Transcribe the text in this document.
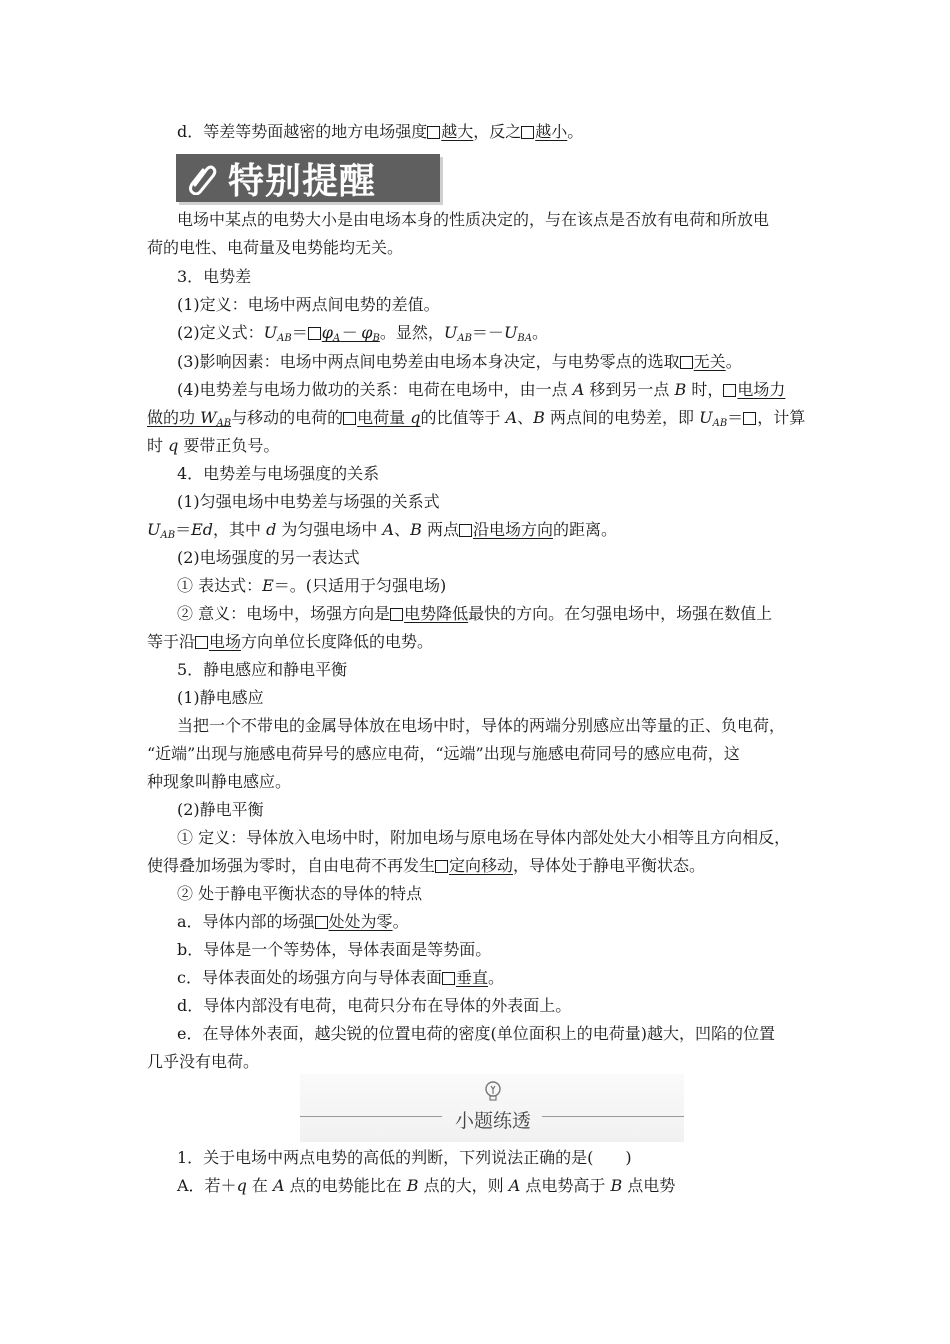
d．等差等势面越密的地方电场强度 越大，反之 越小。
特别提醒
电场中某点的电势大小是由电场本身的性质决定的，与在该点是否放有电荷和所放电
荷的电性、电荷量及电势能均无关。
3．电势差
(1)定义：电场中两点间电势的差值。
(2)定义式：$U_{AB}= \varphi_A- \varphi_B$。显然，$U_{AB}=-U_{BA}$。
(3)影响因素：电场中两点间电势差由电场本身决定，与电势零点的选取 无关。
(4)电势差与电场力做功的关系：电荷在电场中，由一点 A 移到另一点 B 时， 电场力
做的功 $W_{AB}$与移动的电荷的 电荷量 q的比值等于 A、B 两点间的电势差，即 $U_{AB}=$ ，计算
时 q 要带正负号。
4．电势差与电场强度的关系
(1)匀强电场中电势差与场强的关系式
$U_{AB}=Ed$，其中 d 为匀强电场中 A、B 两点 沿电场方向的距离。
(2)电场强度的另一表达式
① 表达式：E＝。(只适用于匀强电场)
② 意义：电场中，场强方向是 电势降低最快的方向。在匀强电场中，场强在数值上
等于沿 电场方向单位长度降低的电势。
5．静电感应和静电平衡
(1)静电感应
当把一个不带电的金属导体放在电场中时，导体的两端分别感应出等量的正、负电荷，
“近端”出现与施感电荷异号的感应电荷，“远端”出现与施感电荷同号的感应电荷，这
种现象叫静电感应。
(2)静电平衡
① 定义：导体放入电场中时，附加电场与原电场在导体内部处处大小相等且方向相反，
使得叠加场强为零时，自由电荷不再发生 定向移动，导体处于静电平衡状态。
② 处于静电平衡状态的导体的特点
a．导体内部的场强 处处为零。
b．导体是一个等势体，导体表面是等势面。
c．导体表面处的场强方向与导体表面 垂直。
d．导体内部没有电荷，电荷只分布在导体的外表面上。
e．在导体外表面，越尖锐的位置电荷的密度(单位面积上的电荷量)越大，凹陷的位置
几乎没有电荷。
小题练透
1．关于电场中两点电势的高低的判断，下列说法正确的是(　　)
A．若＋q 在 A 点的电势能比在 B 点的大，则 A 点电势高于 B 点电势
